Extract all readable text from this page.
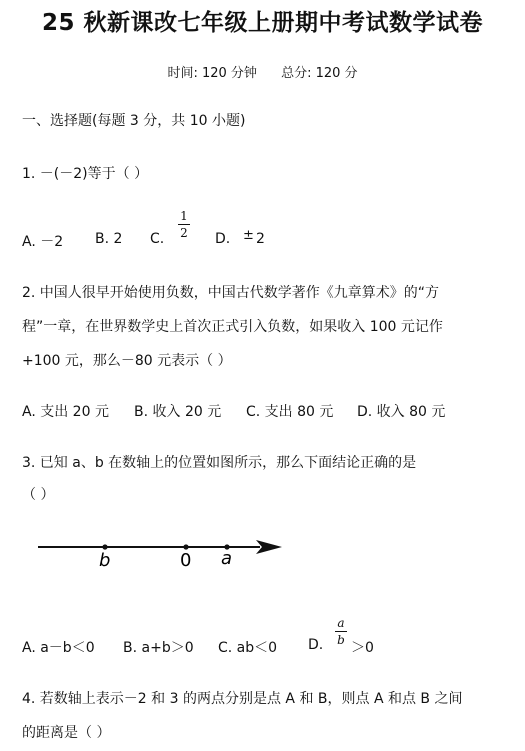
25 秋新课改七年级上册期中考试数学试卷
时间: 120 分钟 总分: 120 分
一、选择题(每题 3 分，共 10 小题)
1. －(－2)等于（ ）
A. －2 B. 2 C.
1
2 D. ± 2
2. 中国人很早开始使用负数，中国古代数学著作《九章算术》的“方
程”一章，在世界数学史上首次正式引入负数，如果收入 100 元记作
+100 元，那么－80 元表示（ ）
A. 支出 20 元 B. 收入 20 元 C. 支出 80 元 D. 收入 80 元
3. 已知 a、b 在数轴上的位置如图所示，那么下面结论正确的是
（ ）
b	0 a
A. a－b＜0 B. a+b＞0 C. ab＜0 D.
a
b ＞0
4. 若数轴上表示－2 和 3 的两点分别是点 A 和 B，则点 A 和点 B 之间
的距离是（ ）
